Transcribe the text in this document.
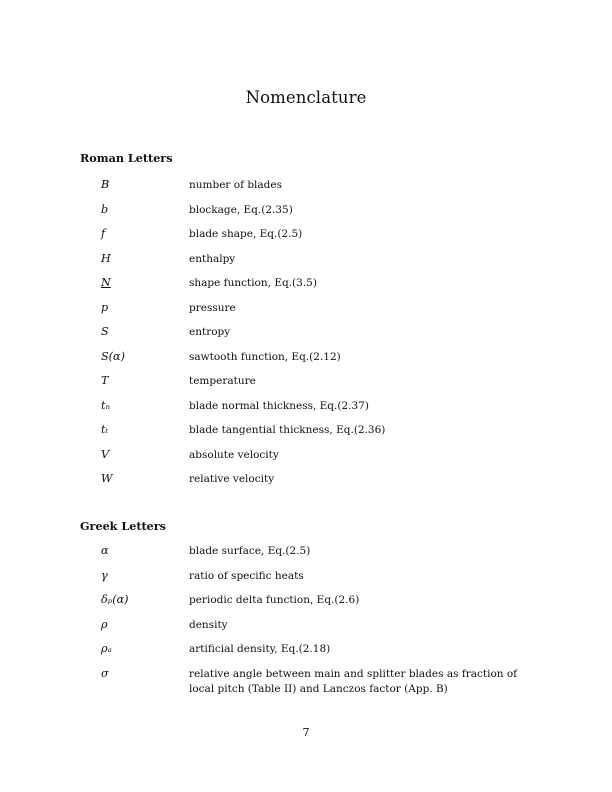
Nomenclature
Roman Letters
B	number of blades
b	blockage, Eq.(2.35)
f	blade shape, Eq.(2.5)
H	enthalpy
N	shape function, Eq.(3.5)
p	pressure
S	entropy
S(α)	sawtooth function, Eq.(2.12)
T	temperature
tₙ	blade normal thickness, Eq.(2.37)
tₜ	blade tangential thickness, Eq.(2.36)
V	absolute velocity
W	relative velocity
Greek Letters
α	blade surface, Eq.(2.5)
γ	ratio of specific heats
δₚ(α)	periodic delta function, Eq.(2.6)
ρ	density
ρₐ	artificial density, Eq.(2.18)
σ	relative angle between main and splitter blades as fraction of local pitch (Table II) and Lanczos factor (App. B)
7
